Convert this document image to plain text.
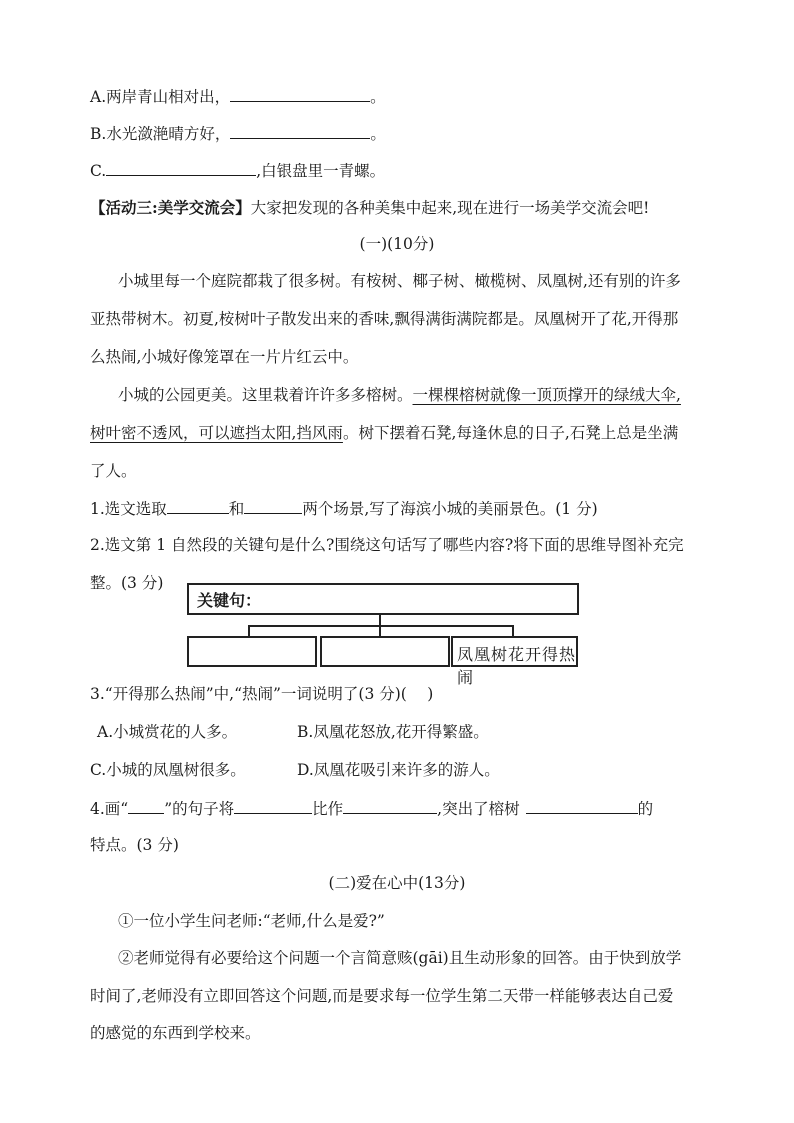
A.两岸青山相对出，	。
B.水光潋滟晴方好，	。
C.	,白银盘里一青螺。
【活动三:美学交流会】大家把发现的各种美集中起来,现在进行一场美学交流会吧!
(一)(10分)
小城里每一个庭院都栽了很多树。有桉树、椰子树、橄榄树、凤凰树,还有别的许多
亚热带树木。初夏,桉树叶子散发出来的香味,飘得满街满院都是。凤凰树开了花,开得那
么热闹,小城好像笼罩在一片片红云中。
小城的公园更美。这里栽着许许多多榕树。一棵棵榕树就像一顶顶撑开的绿绒大伞,
树叶密不透风，可以遮挡太阳,挡风雨。树下摆着石凳,每逢休息的日子,石凳上总是坐满
了人。
1.选文选取	和	两个场景,写了海滨小城的美丽景色。(1 分)
2.选文第 1 自然段的关键句是什么?围绕这句话写了哪些内容?将下面的思维导图补充完
整。(3 分)
关键句：
凤凰树花开得热闹
3.“开得那么热闹”中,“热闹”一词说明了(3 分)(　 )
A.小城赏花的人多。	B.凤凰花怒放,花开得繁盛。
C.小城的凤凰树很多。	D.凤凰花吸引来许多的游人。
4.画“ ”的句子将	比作	,突出了榕树	的
特点。(3 分)
(二)爱在心中(13分)
①一位小学生问老师:“老师,什么是爱?”
②老师觉得有必要给这个问题一个言简意赅(gāi)且生动形象的回答。由于快到放学
时间了,老师没有立即回答这个问题,而是要求每一位学生第二天带一样能够表达自己爱
的感觉的东西到学校来。
